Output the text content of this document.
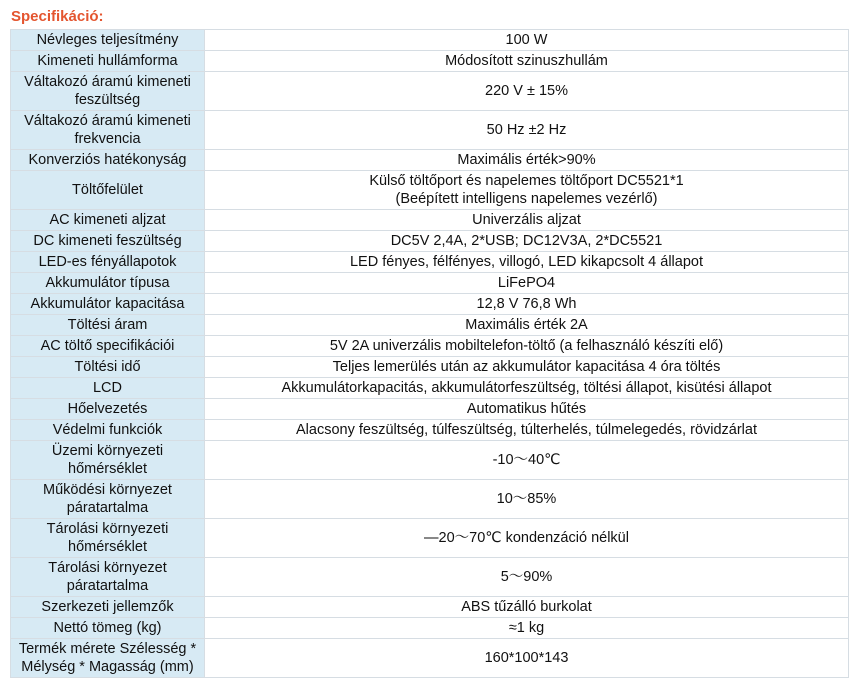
Specifikáció:
Névleges teljesítmény	100 W
Kimeneti hullámforma	Módosított szinuszhullám
Váltakozó áramú kimeneti feszültség	220 V ± 15%
Váltakozó áramú kimeneti frekvencia	50 Hz ±2 Hz
Konverziós hatékonyság	Maximális érték>90%
Töltőfelület	Külső töltőport és napelemes töltőport DC5521*1
(Beépített intelligens napelemes vezérlő)
AC kimeneti aljzat	Univerzális aljzat
DC kimeneti feszültség	DC5V 2,4A, 2*USB; DC12V3A, 2*DC5521
LED-es fényállapotok	LED fényes, félfényes, villogó, LED kikapcsolt 4 állapot
Akkumulátor típusa	LiFePO4
Akkumulátor kapacitása	12,8 V 76,8 Wh
Töltési áram	Maximális érték 2A
AC töltő specifikációi	5V 2A univerzális mobiltelefon-töltő (a felhasználó készíti elő)
Töltési idő	Teljes lemerülés után az akkumulátor kapacitása 4 óra töltés
LCD	Akkumulátorkapacitás, akkumulátorfeszültség, töltési állapot, kisütési állapot
Hőelvezetés	Automatikus hűtés
Védelmi funkciók	Alacsony feszültség, túlfeszültség, túlterhelés, túlmelegedés, rövidzárlat
Üzemi környezeti hőmérséklet	-10～40℃
Működési környezet páratartalma	10～85%
Tárolási környezeti hőmérséklet	—20～70℃ kondenzáció nélkül
Tárolási környezet páratartalma	5～90%
Szerkezeti jellemzők	ABS tűzálló burkolat
Nettó tömeg (kg)	≈1 kg
Termék mérete Szélesség * Mélység * Magasság (mm)	160*100*143
